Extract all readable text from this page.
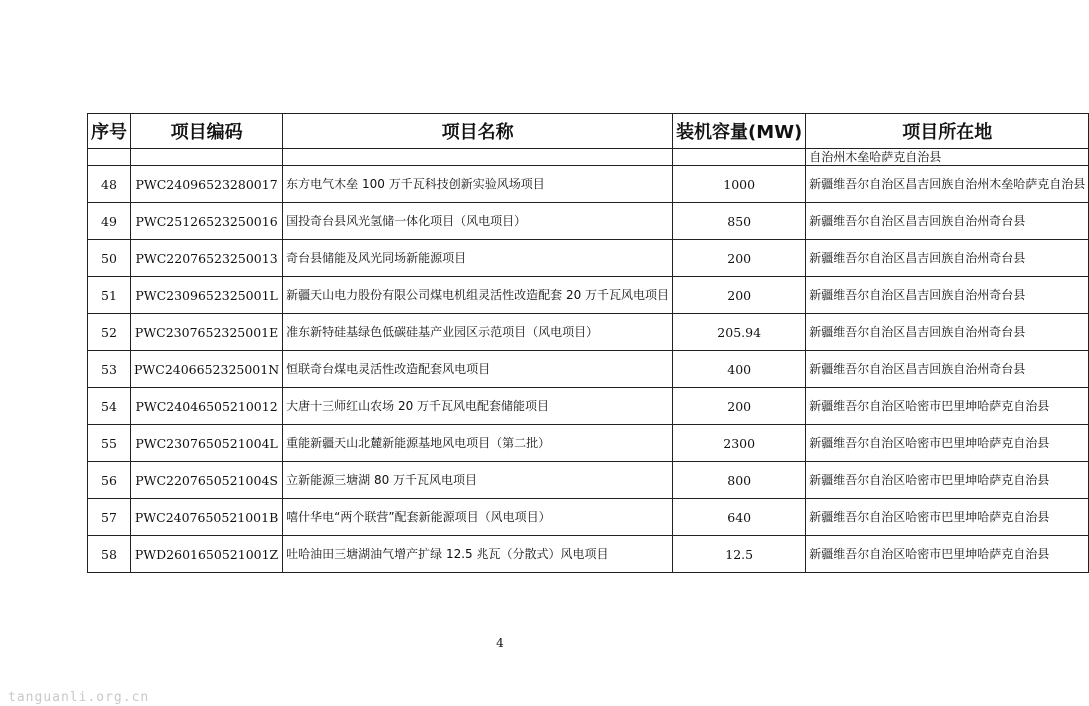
序号	项目编码	项目名称	装机容量(MW)	项目所在地
				自治州木垒哈萨克自治县
48	PWC24096523280017	东方电气木垒 100 万千瓦科技创新实验风场项目	1000	新疆维吾尔自治区昌吉回族自治州木垒哈萨克自治县
49	PWC25126523250016	国投奇台县风光氢储一体化项目（风电项目）	850	新疆维吾尔自治区昌吉回族自治州奇台县
50	PWC22076523250013	奇台县储能及风光同场新能源项目	200	新疆维吾尔自治区昌吉回族自治州奇台县
51	PWC2309652325001L	新疆天山电力股份有限公司煤电机组灵活性改造配套 20 万千瓦风电项目	200	新疆维吾尔自治区昌吉回族自治州奇台县
52	PWC2307652325001E	准东新特硅基绿色低碳硅基产业园区示范项目（风电项目）	205.94	新疆维吾尔自治区昌吉回族自治州奇台县
53	PWC2406652325001N	恒联奇台煤电灵活性改造配套风电项目	400	新疆维吾尔自治区昌吉回族自治州奇台县
54	PWC24046505210012	大唐十三师红山农场 20 万千瓦风电配套储能项目	200	新疆维吾尔自治区哈密市巴里坤哈萨克自治县
55	PWC2307650521004L	重能新疆天山北麓新能源基地风电项目（第二批）	2300	新疆维吾尔自治区哈密市巴里坤哈萨克自治县
56	PWC2207650521004S	立新能源三塘湖 80 万千瓦风电项目	800	新疆维吾尔自治区哈密市巴里坤哈萨克自治县
57	PWC2407650521001B	嘻什华电“两个联营”配套新能源项目（风电项目）	640	新疆维吾尔自治区哈密市巴里坤哈萨克自治县
58	PWD2601650521001Z	吐哈油田三塘湖油气增产扩绿 12.5 兆瓦（分散式）风电项目	12.5	新疆维吾尔自治区哈密市巴里坤哈萨克自治县
4
tanguanli.org.cn
